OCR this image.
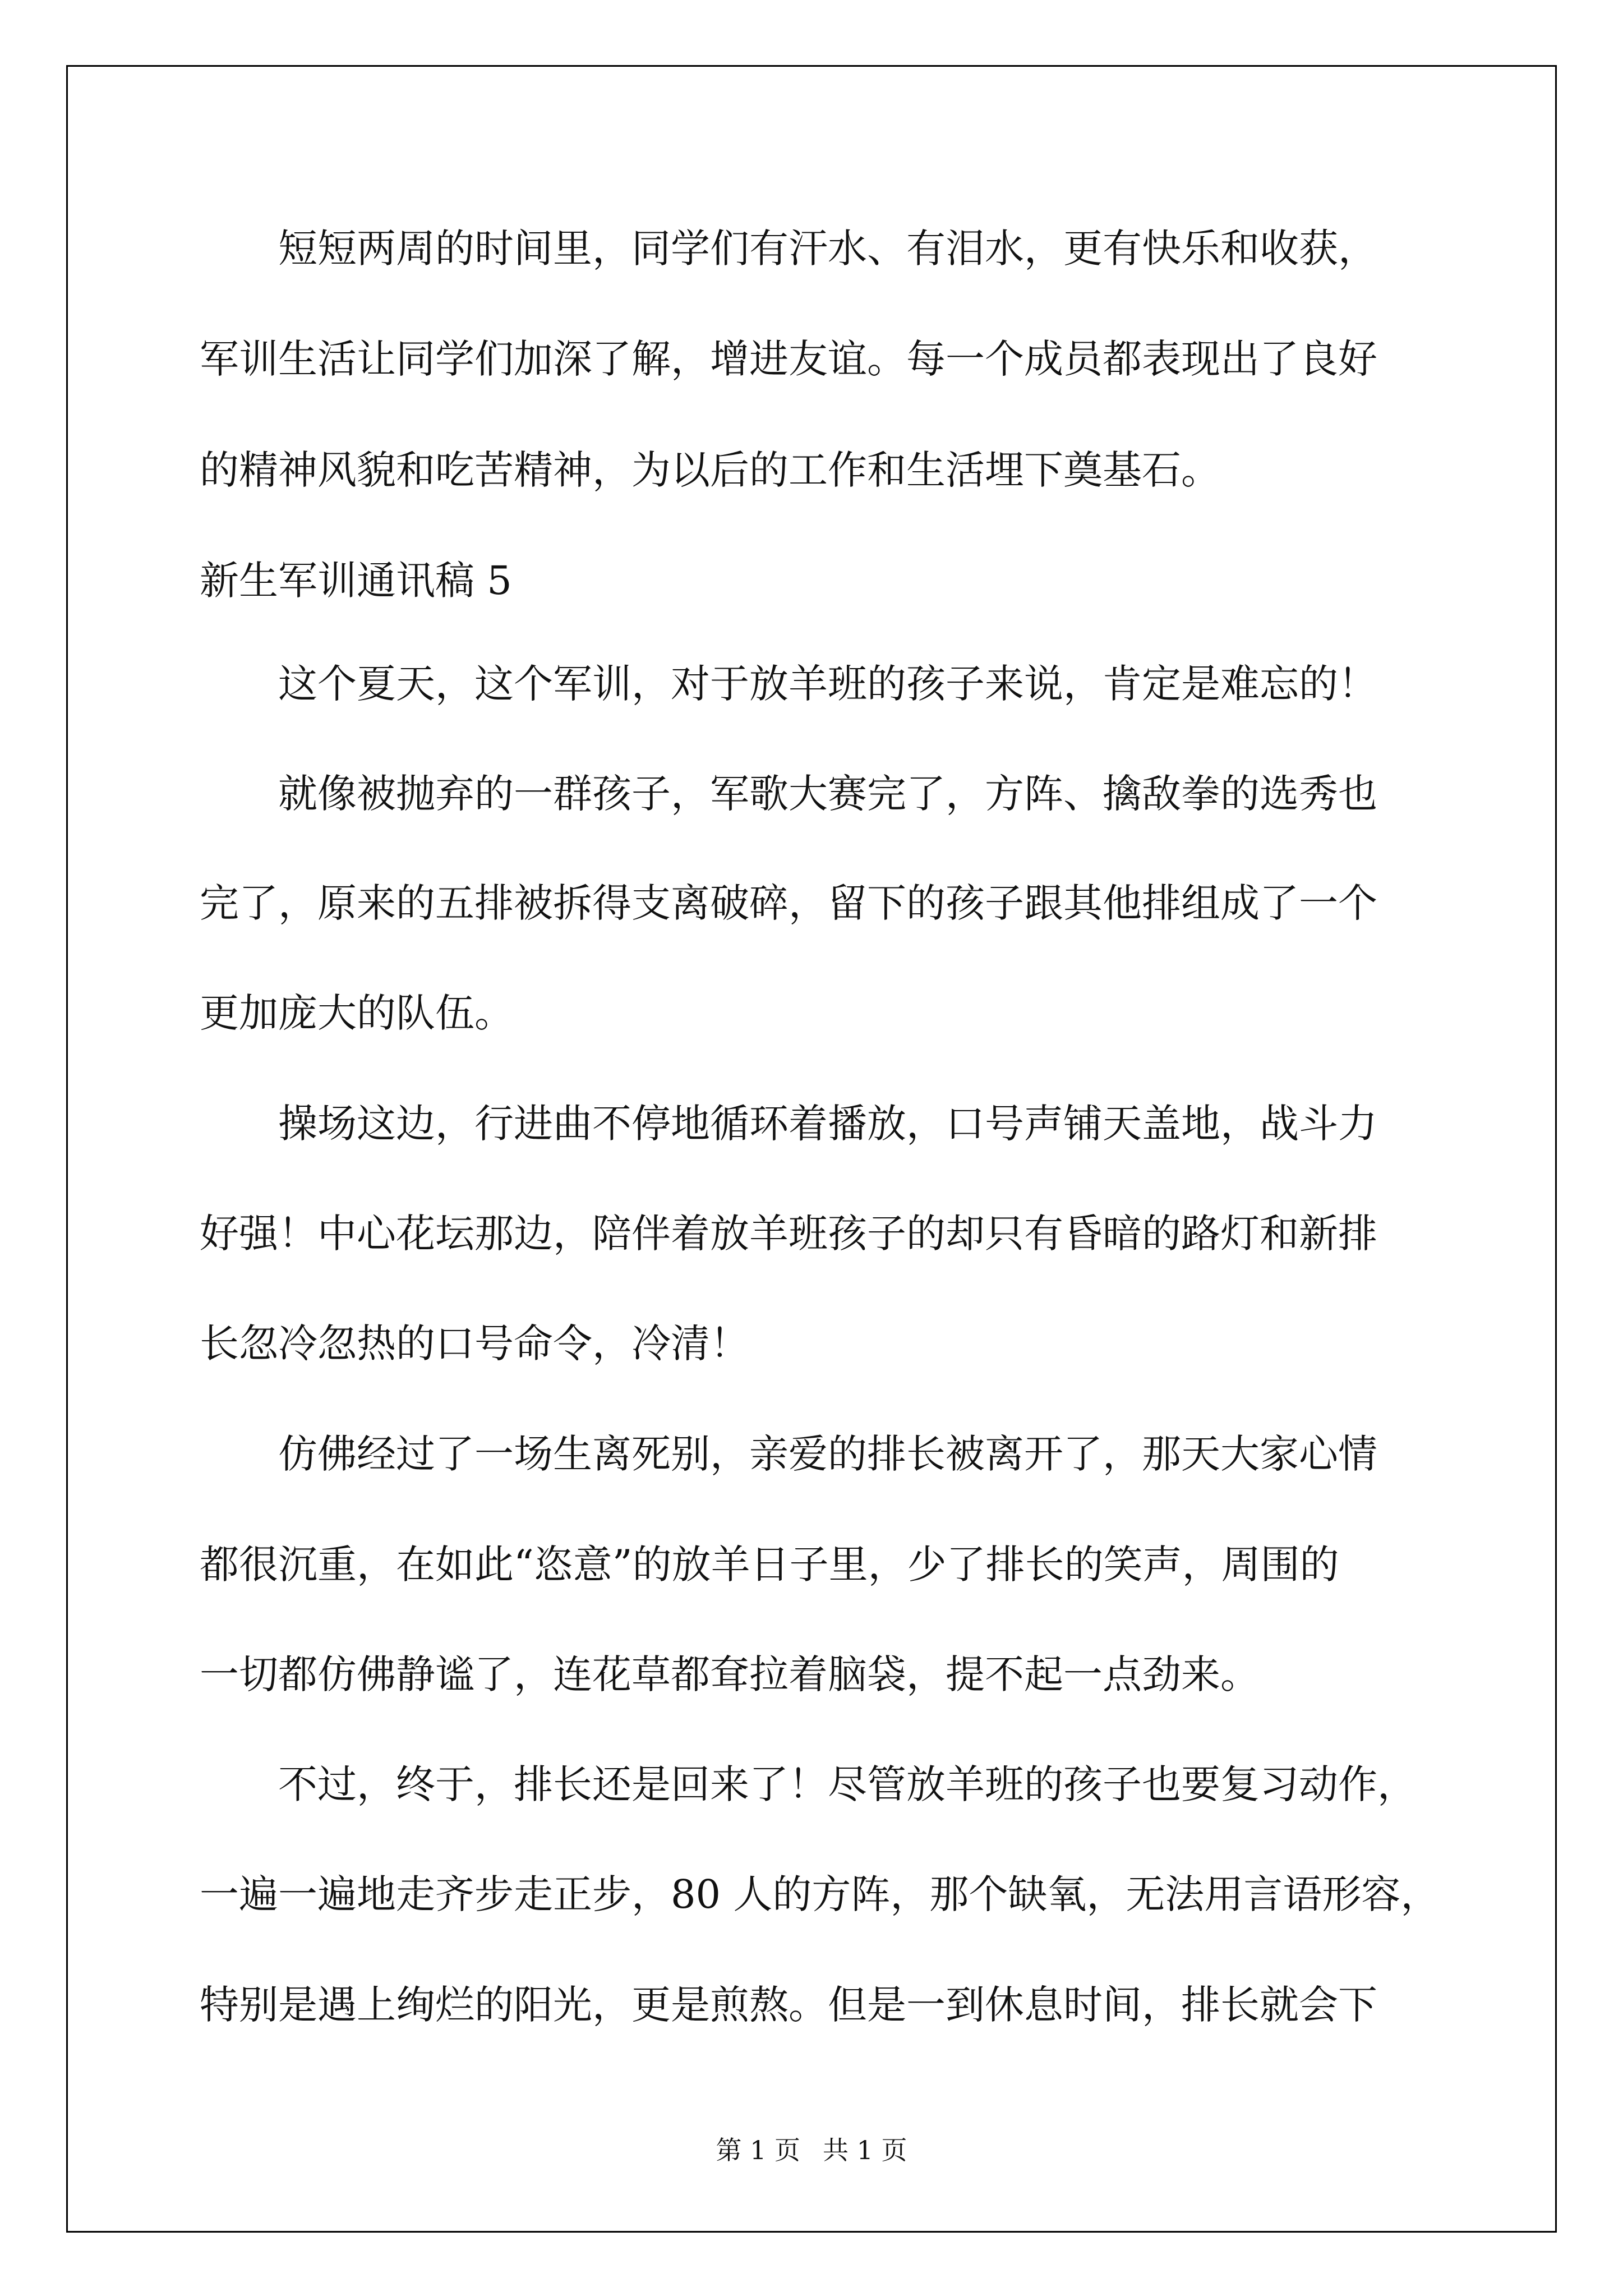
　　短短两周的时间里，同学们有汗水、有泪水，更有快乐和收获，
军训生活让同学们加深了解，增进友谊。每一个成员都表现出了良好
的精神风貌和吃苦精神，为以后的工作和生活埋下奠基石。
新生军训通讯稿 5
　　这个夏天，这个军训，对于放羊班的孩子来说，肯定是难忘的！
　　就像被抛弃的一群孩子，军歌大赛完了，方阵、擒敌拳的选秀也
完了，原来的五排被拆得支离破碎，留下的孩子跟其他排组成了一个
更加庞大的队伍。
　　操场这边，行进曲不停地循环着播放，口号声铺天盖地，战斗力
好强！中心花坛那边，陪伴着放羊班孩子的却只有昏暗的路灯和新排
长忽冷忽热的口号命令，冷清！
　　仿佛经过了一场生离死别，亲爱的排长被离开了，那天大家心情
都很沉重，在如此“恣意”的放羊日子里，少了排长的笑声，周围的
一切都仿佛静谧了，连花草都耷拉着脑袋，提不起一点劲来。
　　不过，终于，排长还是回来了！尽管放羊班的孩子也要复习动作，
一遍一遍地走齐步走正步，80 人的方阵，那个缺氧，无法用言语形容，
特别是遇上绚烂的阳光，更是煎熬。但是一到休息时间，排长就会下
第 1 页 共 1 页
